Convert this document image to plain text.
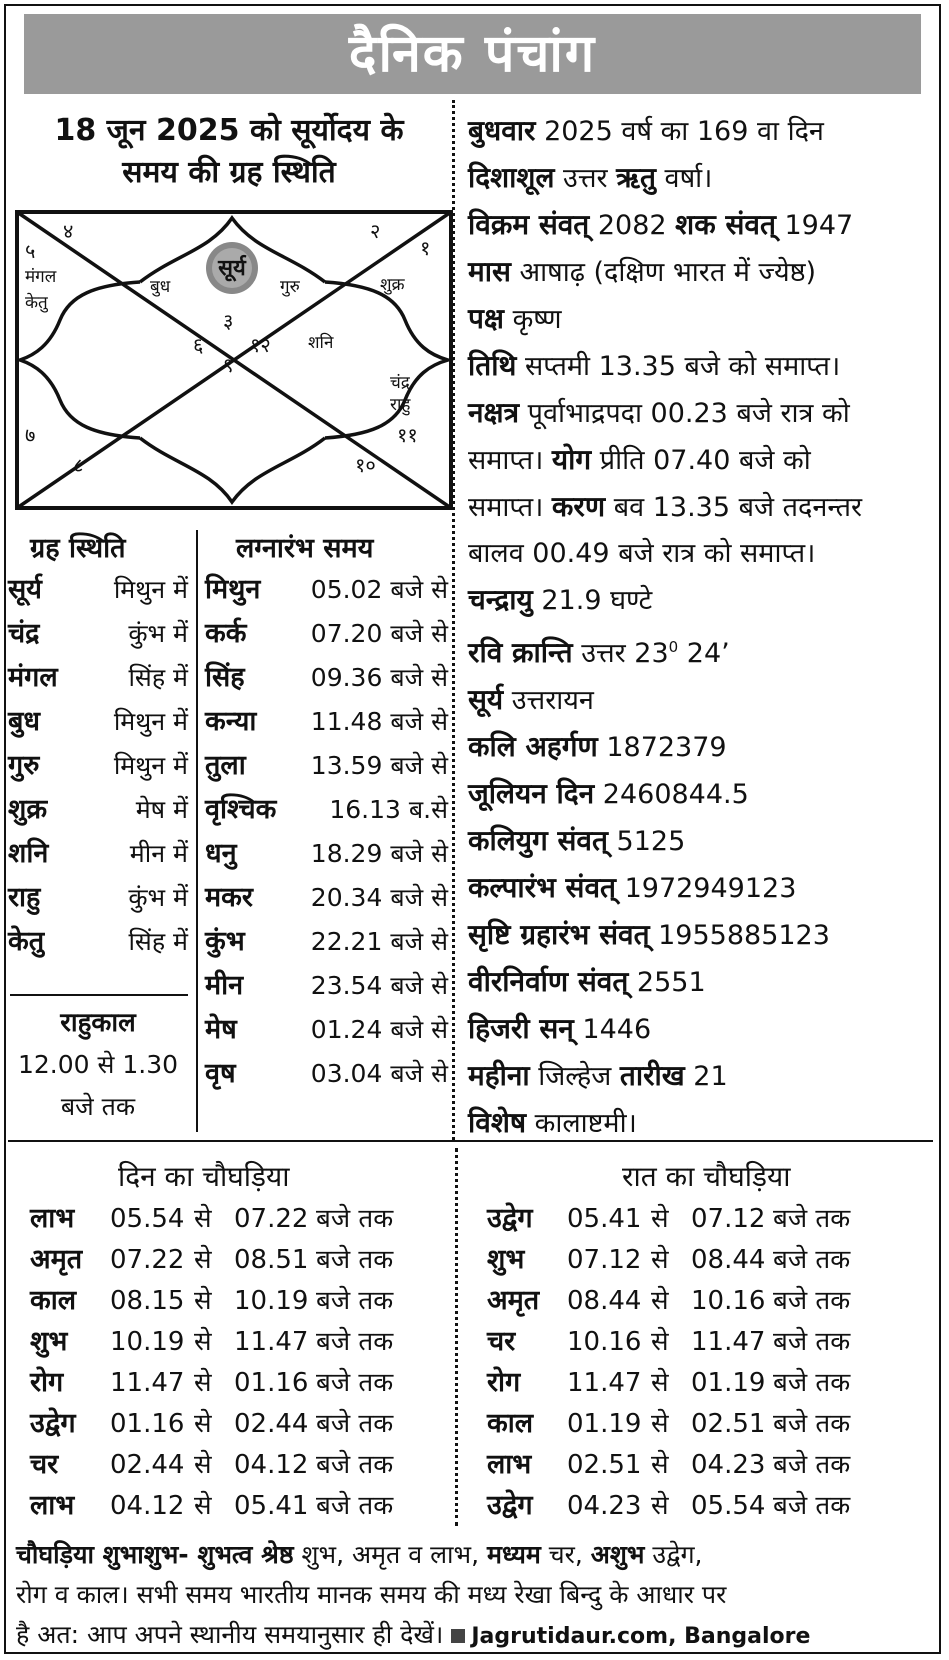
दैनिक पंचांग
18 जून 2025 को सूर्योदय के
समय की ग्रह स्थिति
सूर्य
४	२
१
५
मंगल
केतु
बुध	गुरु	शुक्र
३
६ १२ शनि
९
चंद्र
राहु
७	११
८	१०
ग्रह स्थिति
सूर्य	मिथुन में
चंद्र	कुंभ में
मंगल	सिंह में
बुध	मिथुन में
गुरु	मिथुन में
शुक्र	मेष में
शनि	मीन में
राहु	कुंभ में
केतु	सिंह में
राहुकाल
12.00 से 1.30
बजे तक
लग्नारंभ समय
मिथुन 05.02 बजे से
कर्क	07.20 बजे से
सिंह	09.36 बजे से
कन्या 11.48 बजे से
तुला	13.59 बजे से
वृश्चिक 16.13 ब.से
धनु	18.29 बजे से
मकर 20.34 बजे से
कुंभ	22.21 बजे से
मीन	23.54 बजे से
मेष	01.24 बजे से
वृष	03.04 बजे से
बुधवार 2025 वर्ष का 169 वा दिन
दिशाशूल उत्तर ऋतु वर्षा।
विक्रम संवत् 2082 शक संवत् 1947
मास आषाढ़ (दक्षिण भारत में ज्येष्ठ)
पक्ष कृष्ण
तिथि सप्तमी 13.35 बजे को समाप्त।
नक्षत्र पूर्वाभाद्रपदा 00.23 बजे रात्र को
समाप्त। योग प्रीति 07.40 बजे को
समाप्त। करण बव 13.35 बजे तदनन्तर
बालव 00.49 बजे रात्र को समाप्त।
चन्द्रायु 21.9 घण्टे
रवि क्रान्ति उत्तर $23^0$ 24’
सूर्य उत्तरायन
कलि अहर्गण 1872379
जूलियन दिन 2460844.5
कलियुग संवत् 5125
कल्पारंभ संवत् 1972949123
सृष्टि ग्रहारंभ संवत् 1955885123
वीरनिर्वाण संवत् 2551
हिजरी सन् 1446
महीना जिल्हेज तारीख 21
विशेष कालाष्टमी।
दिन का चौघड़िया
लाभ 05.54 से 07.22 बजे तक
अमृत 07.22 से 08.51 बजे तक
काल 08.15 से 10.19 बजे तक
शुभ 10.19 से 11.47 बजे तक
रोग 11.47 से 01.16 बजे तक
उद्वेग 01.16 से 02.44 बजे तक
चर 02.44 से 04.12 बजे तक
लाभ 04.12 से 05.41 बजे तक
रात का चौघड़िया
उद्वेग 05.41 से 07.12 बजे तक
शुभ 07.12 से 08.44 बजे तक
अमृत 08.44 से 10.16 बजे तक
चर 10.16 से 11.47 बजे तक
रोग 11.47 से 01.19 बजे तक
काल 01.19 से 02.51 बजे तक
लाभ 02.51 से 04.23 बजे तक
उद्वेग 04.23 से 05.54 बजे तक
चौघड़िया शुभाशुभ- शुभत्व श्रेष्ठ शुभ, अमृत व लाभ, मध्यम चर, अशुभ उद्वेग,
रोग व काल। सभी समय भारतीय मानक समय की मध्य रेखा बिन्दु के आधार पर
है अत: आप अपने स्थानीय समयानुसार ही देखें। Jagrutidaur.com, Bangalore
